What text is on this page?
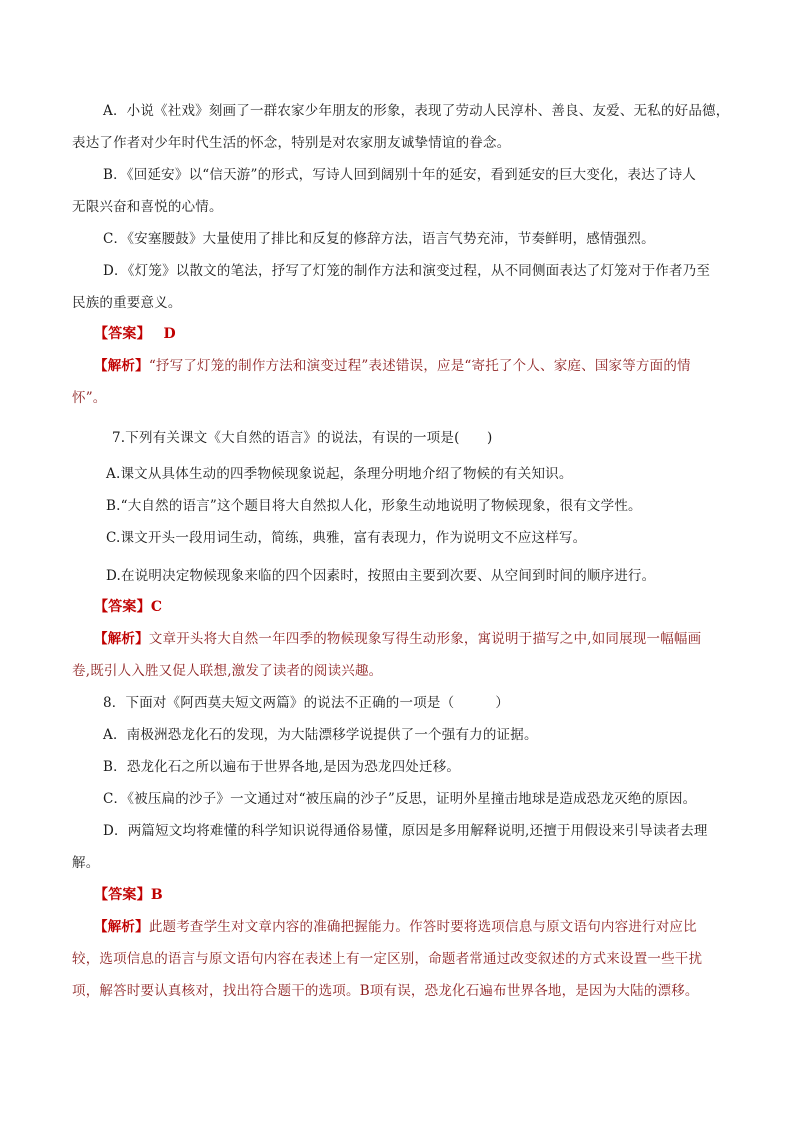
A．小说《社戏》刻画了一群农家少年朋友的形象，表现了劳动人民淳朴、善良、友爱、无私的好品德，
表达了作者对少年时代生活的怀念，特别是对农家朋友诚挚情谊的眷念。
B．《回延安》以“信天游”的形式，写诗人回到阔别十年的延安，看到延安的巨大变化，表达了诗人
无限兴奋和喜悦的心情。
C．《安塞腰鼓》大量使用了排比和反复的修辞方法，语言气势充沛，节奏鲜明，感情强烈。
D．《灯笼》以散文的笔法，抒写了灯笼的制作方法和演变过程，从不同侧面表达了灯笼对于作者乃至
民族的重要意义。
【答案】 D
【解析】“抒写了灯笼的制作方法和演变过程”表述错误，应是“寄托了个人、家庭、国家等方面的情
怀”。
7.下列有关课文《大自然的语言》的说法，有误的一项是(　　)
A.课文从具体生动的四季物候现象说起，条理分明地介绍了物候的有关知识。
B.“大自然的语言”这个题目将大自然拟人化，形象生动地说明了物候现象，很有文学性。
C.课文开头一段用词生动，简练，典雅，富有表现力，作为说明文不应这样写。
D.在说明决定物候现象来临的四个因素时，按照由主要到次要、从空间到时间的顺序进行。
【答案】C
【解析】文章开头将大自然一年四季的物候现象写得生动形象，寓说明于描写之中,如同展现一幅幅画
卷,既引人入胜又促人联想,激发了读者的阅读兴趣。
8．下面对《阿西莫夫短文两篇》的说法不正确的一项是（　　　）
A．南极洲恐龙化石的发现，为大陆漂移学说提供了一个强有力的证据。
B．恐龙化石之所以遍布于世界各地,是因为恐龙四处迁移。
C．《被压扁的沙子》一文通过对“被压扁的沙子”反思，证明外星撞击地球是造成恐龙灭绝的原因。
D．两篇短文均将难懂的科学知识说得通俗易懂，原因是多用解释说明,还擅于用假设来引导读者去理
解。
【答案】B
【解析】此题考查学生对文章内容的准确把握能力。作答时要将选项信息与原文语句内容进行对应比
较，选项信息的语言与原文语句内容在表述上有一定区别，命题者常通过改变叙述的方式来设置一些干扰
项，解答时要认真核对，找出符合题干的选项。B项有误，恐龙化石遍布世界各地，是因为大陆的漂移。
